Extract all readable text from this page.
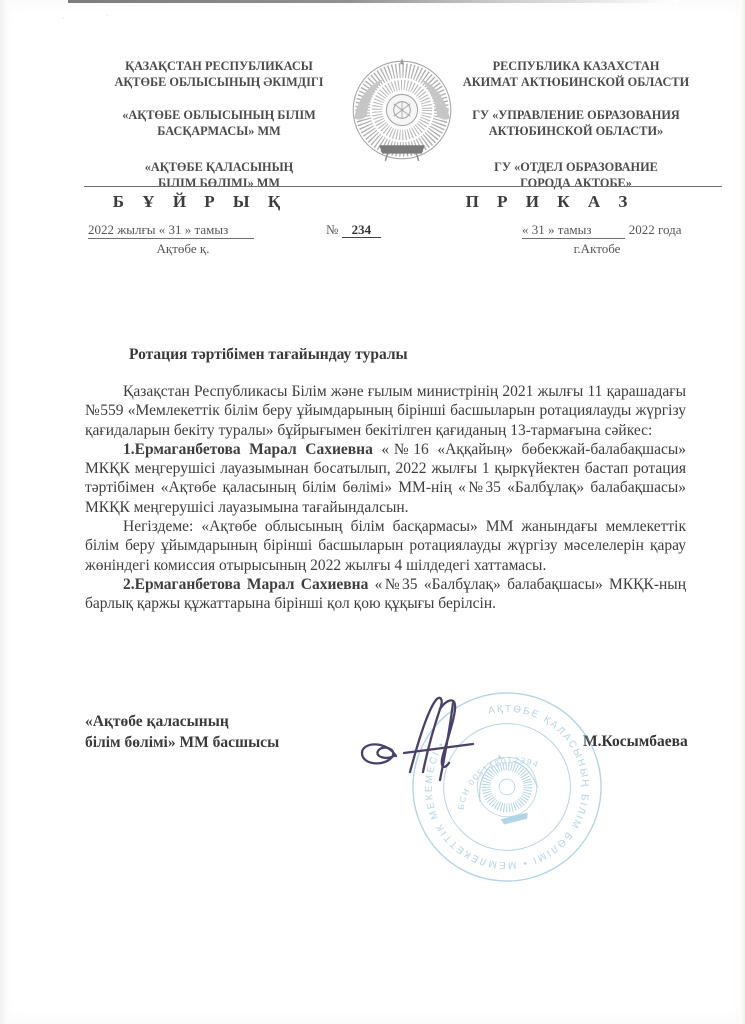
·	·
ҚАЗАҚСТАН РЕСПУБЛИКАСЫ
АҚТӨБЕ ОБЛЫСЫНЫҢ ӘКІМДІГІ
«АҚТӨБЕ ОБЛЫСЫНЫҢ БІЛІМ
БАСҚАРМАСЫ» ММ
«АҚТӨБЕ ҚАЛАСЫНЫҢ
БІЛІМ БӨЛІМІ» ММ
РЕСПУБЛИКА КАЗАХСТАН
АКИМАТ АКТЮБИНСКОЙ ОБЛАСТИ
ГУ «УПРАВЛЕНИЕ ОБРАЗОВАНИЯ
АКТЮБИНСКОЙ ОБЛАСТИ»
ГУ «ОТДЕЛ ОБРАЗОВАНИЕ
ГОРОДА АКТОБЕ»
Б Ұ Й Р Ы Қ	П Р И К А З
2022 жылғы « 31 » тамыз
Ақтөбе қ.
№ 234	« 31 » тамыз	2022 года
г.Актобе
Ротация тәртібімен тағайындау туралы

Қазақстан Республикасы Білім және ғылым министрінің 2021 жылғы 11 қарашадағы №559 «Мемлекеттік білім беру ұйымдарының бірінші басшыларын ротациялауды жүргізу қағидаларын бекіту туралы» бұйрығымен бекітілген қағиданың 13-тармағына сәйкес:

1.Ермаганбетова Марал Сахиевна «№16 «Аққайың» бөбекжай-балабақшасы» МКҚК меңгерушісі лауазымынан босатылып, 2022 жылғы 1 қыркүйектен бастап ротация тәртібімен «Ақтөбе қаласының білім бөлімі» ММ-нің «№35 «Балбұлақ» балабақшасы» МКҚК меңгерушісі лауазымына тағайындалсын.

Негіздеме: «Ақтөбе облысының білім басқармасы» ММ жанындағы мемлекеттік білім беру ұйымдарының бірінші басшыларын ротациялауды жүргізу мәселелерін қарау жөніндегі комиссия отырысының 2022 жылғы 4 шілдедегі хаттамасы.

2.Ермаганбетова Марал Сахиевна «№35 «Балбұлақ» балабақшасы» МКҚК-ның барлық қаржы құжаттарына бірінші қол қою құқығы берілсін.

«Ақтөбе қаласының
білім бөлімі» ММ басшысы	М.Косымбаева
АҚТӨБЕ ҚАЛАСЫНЫҢ БІЛІМ БӨЛІМІ • МЕМЛЕКЕТТІК МЕКЕМЕСІ •
БСН 005148012394
